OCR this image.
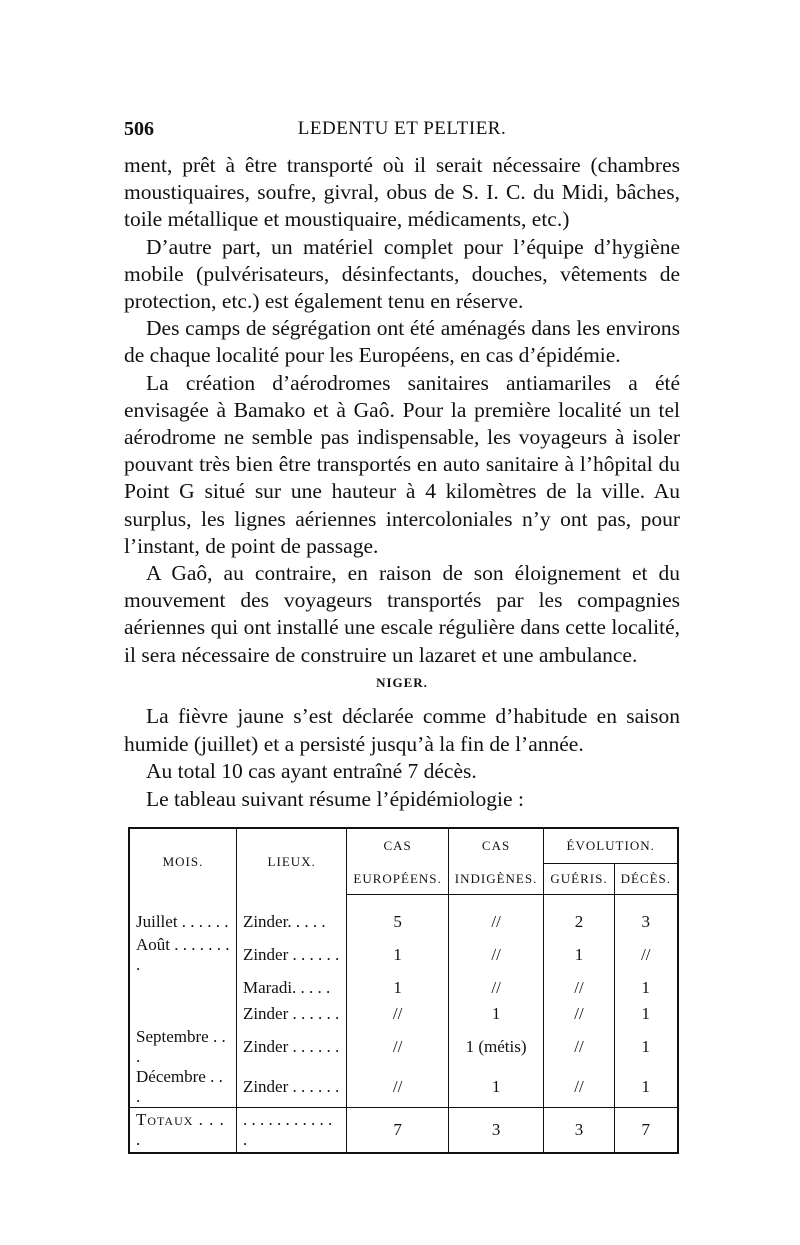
506	LEDENTU ET PELTIER.

ment, prêt à être transporté où il serait nécessaire (chambres moustiquaires, soufre, givral, obus de S. I. C. du Midi, bâches, toile métallique et moustiquaire, médicaments, etc.)

D’autre part, un matériel complet pour l’équipe d’hygiène mobile (pulvérisateurs, désinfectants, douches, vêtements de protection, etc.) est également tenu en réserve.

Des camps de ségrégation ont été aménagés dans les environs de chaque localité pour les Européens, en cas d’épidémie.

La création d’aérodromes sanitaires antiamariles a été envisagée à Bamako et à Gaô. Pour la première localité un tel aérodrome ne semble pas indispensable, les voyageurs à isoler pouvant très bien être transportés en auto sanitaire à l’hôpital du Point G situé sur une hauteur à 4 kilomètres de la ville. Au surplus, les lignes aériennes intercoloniales n’y ont pas, pour l’instant, de point de passage.

A Gaô, au contraire, en raison de son éloignement et du mouvement des voyageurs transportés par les compagnies aériennes qui ont installé une escale régulière dans cette localité, il sera nécessaire de construire un lazaret et une ambulance.

NIGER.

La fièvre jaune s’est déclarée comme d’habitude en saison humide (juillet) et a persisté jusqu’à la fin de l’année.

Au total 10 cas ayant entraîné 7 décès.

Le tableau suivant résume l’épidémiologie :

MOIS.	LIEUX.	CAS	CAS	ÉVOLUTION.	
		EUROPÉENS.	INDIGÈNES.	GUÉRIS.	DÉCÈS.
Juillet . . . . . .	Zinder. . . . .	5	//	2	3
Août . . . . . . . .	Zinder . . . . . .	1	//	1	//
	Maradi. . . . .	1	//	//	1
	Zinder . . . . . .	//	1	//	1
Septembre . . .	Zinder . . . . . .	//	1 (métis)	//	1
Décembre . . .	Zinder . . . . . .	//	1	//	1
Totaux . . . .	. . . . . . . . . . . .	7	3	3	7
